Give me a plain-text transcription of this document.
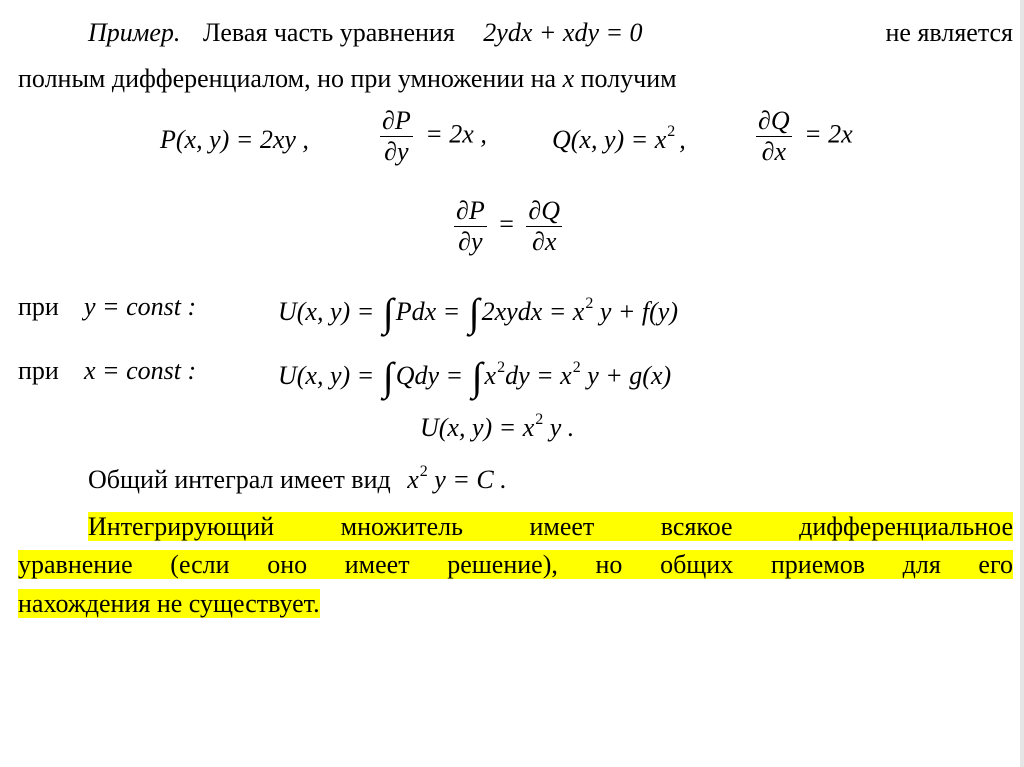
Пример. Левая часть уравнения 2ydx + xdy = 0	не является
полным дифференциалом, но при умножении на x получим
P(x, y) = 2xy ,	$\frac{\partial P}{\partial y} = 2x$ ,	Q(x, $y) = x^2$ ,	$\frac{\partial Q}{\partial x} = 2x$
$\frac{\partial P}{\partial y} = \frac{\partial Q}{\partial x}$
при y = const :	U(x, y) = ∫Pdx = ∫2xydx = $x^2$ y + f(y)
при x = const :	U(x, $y) = \int Qdy = \int x^2dy = x^2$ y + g(x)
U(x, $y) = x^2$ y .
Общий интеграл имеет вид $x^2$ y = C .
Интегрирующий множитель имеет всякое дифференциальное
уравнение (если оно имеет решение), но общих приемов для его
нахождения не существует.
